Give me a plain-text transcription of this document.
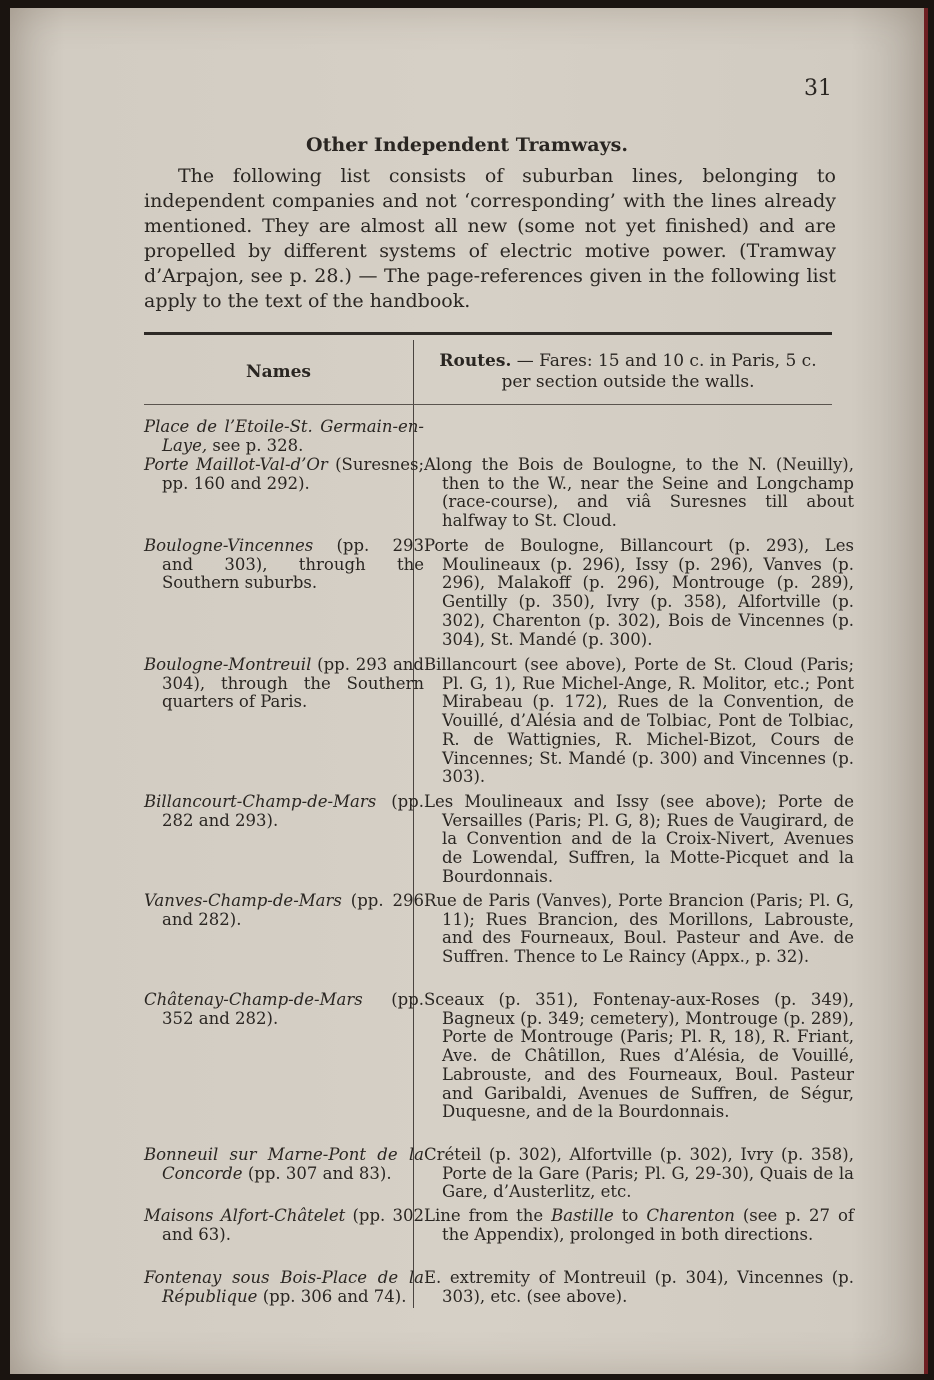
31
Other Independent Tramways.
The following list consists of suburban lines, belonging to independent companies and not ‘corresponding’ with the lines already mentioned. They are almost all new (some not yet finished) and are propelled by different systems of electric motive power. (Tramway d’Arpajon, see p. 28.) — The page-references given in the following list apply to the text of the handbook.
Names
Routes. — Fares: 15 and 10 c. in Paris, 5 c. per section outside the walls.
Place de l’Etoile-St. Germain-en-Laye, see p. 328.
Porte Maillot-Val-d’Or (Suresnes; pp. 160 and 292).
Along the Bois de Boulogne, to the N. (Neuilly), then to the W., near the Seine and Longchamp (race-course), and viâ Suresnes till about halfway to St. Cloud.
Boulogne-Vincennes (pp. 293 and 303), through the Southern suburbs.
Porte de Boulogne, Billancourt (p. 293), Les Moulineaux (p. 296), Issy (p. 296), Vanves (p. 296), Malakoff (p. 296), Montrouge (p. 289), Gentilly (p. 350), Ivry (p. 358), Alfortville (p. 302), Charenton (p. 302), Bois de Vincennes (p. 304), St. Mandé (p. 300).
Boulogne-Montreuil (pp. 293 and 304), through the Southern quarters of Paris.
Billancourt (see above), Porte de St. Cloud (Paris; Pl. G, 1), Rue Michel-Ange, R. Molitor, etc.; Pont Mirabeau (p. 172), Rues de la Convention, de Vouillé, d’Alésia and de Tolbiac, Pont de Tolbiac, R. de Wattignies, R. Michel-Bizot, Cours de Vincennes; St. Mandé (p. 300) and Vincennes (p. 303).
Billancourt-Champ-de-Mars (pp. 282 and 293).
Les Moulineaux and Issy (see above); Porte de Versailles (Paris; Pl. G, 8); Rues de Vaugirard, de la Convention and de la Croix-Nivert, Avenues de Lowendal, Suffren, la Motte-Picquet and la Bourdonnais.
Vanves-Champ-de-Mars (pp. 296 and 282).
Rue de Paris (Vanves), Porte Brancion (Paris; Pl. G, 11); Rues Brancion, des Morillons, Labrouste, and des Fourneaux, Boul. Pasteur and Ave. de Suffren. Thence to Le Raincy (Appx., p. 32).
Châtenay-Champ-de-Mars (pp. 352 and 282).
Sceaux (p. 351), Fontenay-aux-Roses (p. 349), Bagneux (p. 349; cemetery), Montrouge (p. 289), Porte de Montrouge (Paris; Pl. R, 18), R. Friant, Ave. de Châtillon, Rues d’Alésia, de Vouillé, Labrouste, and des Fourneaux, Boul. Pasteur and Garibaldi, Avenues de Suffren, de Ségur, Duquesne, and de la Bourdonnais.
Bonneuil sur Marne-Pont de la Concorde (pp. 307 and 83).
Créteil (p. 302), Alfortville (p. 302), Ivry (p. 358), Porte de la Gare (Paris; Pl. G, 29-30), Quais de la Gare, d’Austerlitz, etc.
Maisons Alfort-Châtelet (pp. 302 and 63).
Line from the Bastille to Charenton (see p. 27 of the Appendix), prolonged in both directions.
Fontenay sous Bois-Place de la République (pp. 306 and 74).
E. extremity of Montreuil (p. 304), Vincennes (p. 303), etc. (see above).
